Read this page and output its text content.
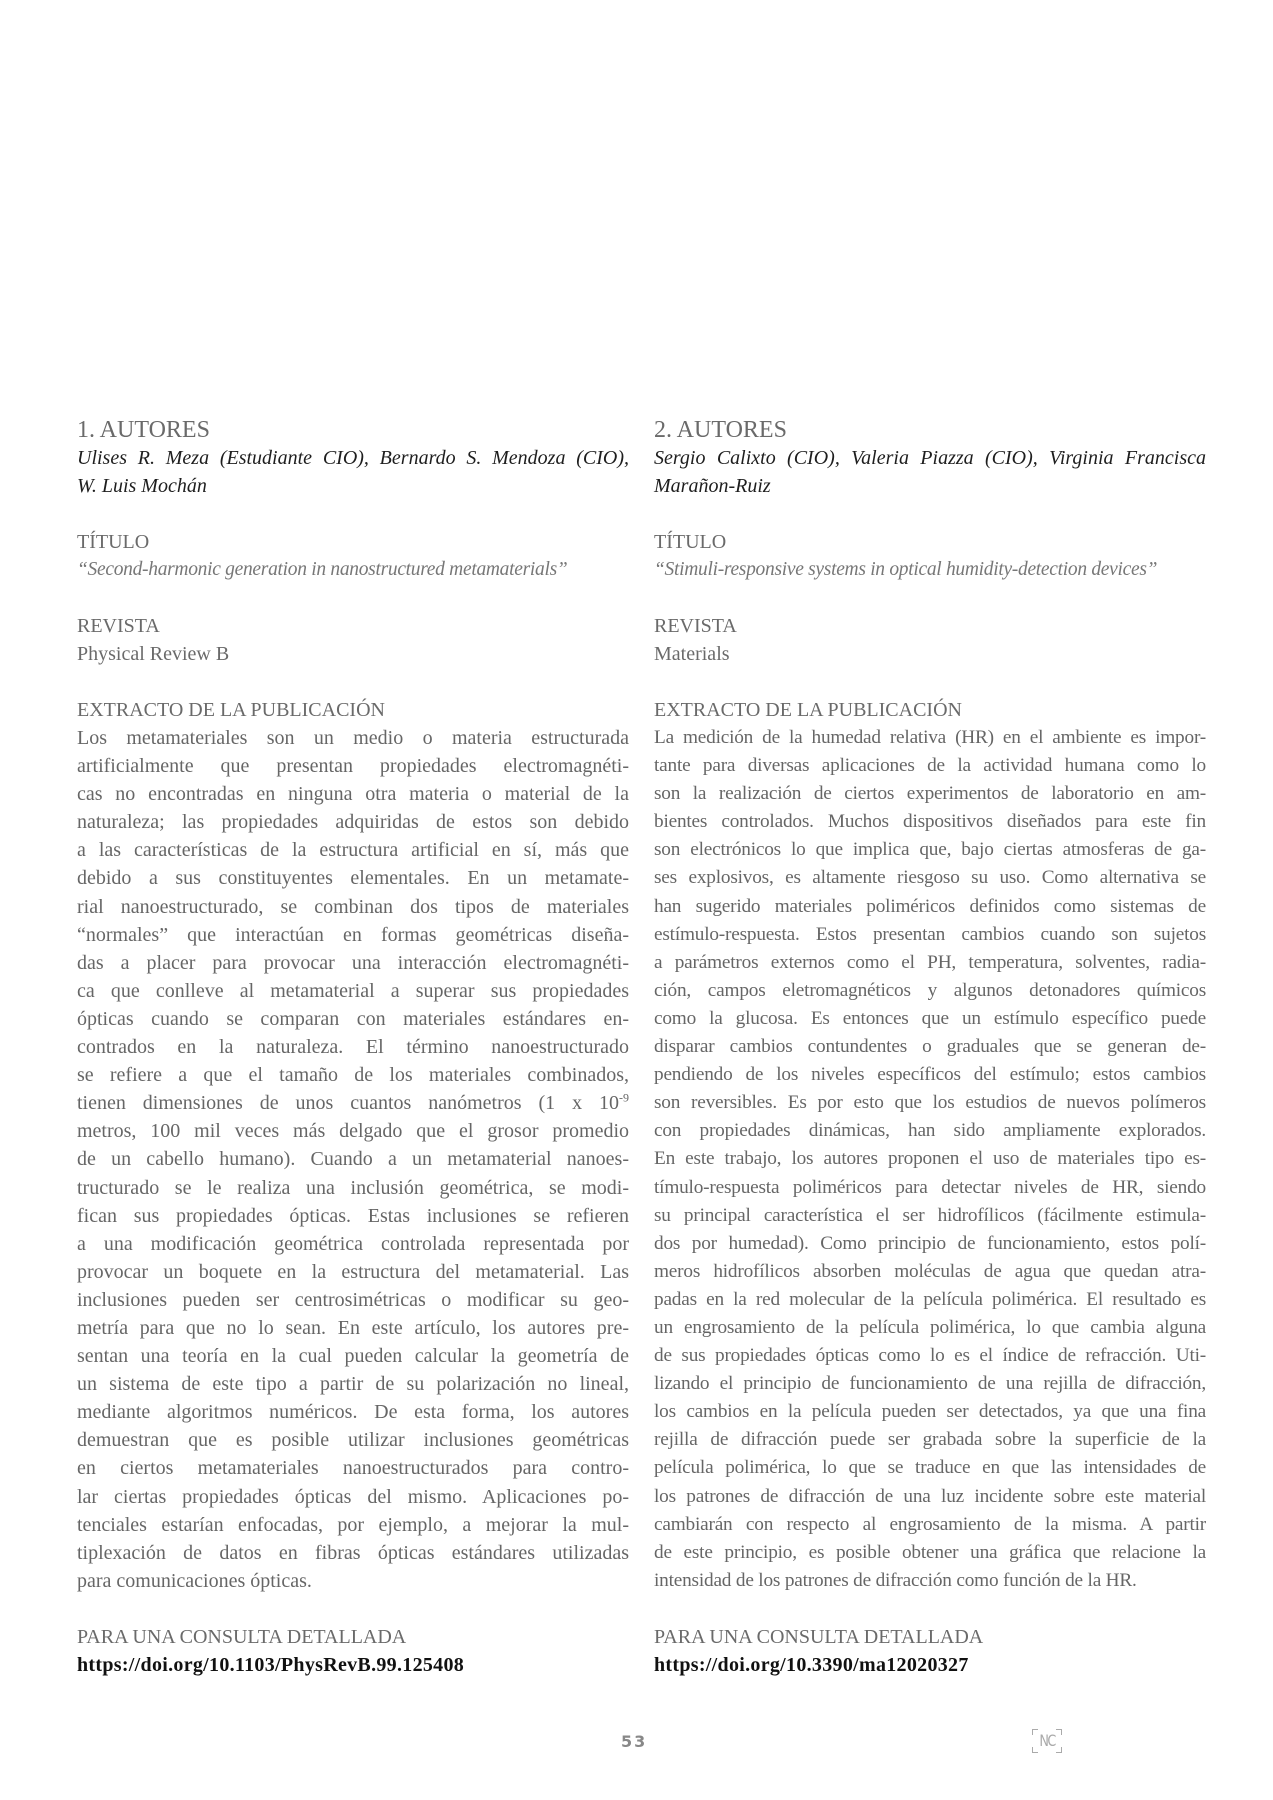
1. AUTORES
Ulises R. Meza (Estudiante CIO), Bernardo S. Mendoza (CIO),
W. Luis Mochán
TÍTULO
“Second-harmonic generation in nanostructured metamaterials”
REVISTA
Physical Review B
EXTRACTO DE LA PUBLICACIÓN
Los metamateriales son un medio o materia estructurada
artificialmente que presentan propiedades electromagnéti-
cas no encontradas en ninguna otra materia o material de la
naturaleza; las propiedades adquiridas de estos son debido
a las características de la estructura artificial en sí, más que
debido a sus constituyentes elementales. En un metamate-
rial nanoestructurado, se combinan dos tipos de materiales
“normales” que interactúan en formas geométricas diseña-
das a placer para provocar una interacción electromagnéti-
ca que conlleve al metamaterial a superar sus propiedades
ópticas cuando se comparan con materiales estándares en-
contrados en la naturaleza. El término nanoestructurado
se refiere a que el tamaño de los materiales combinados,
tienen dimensiones de unos cuantos nanómetros (1 x $10^{-9}$
metros, 100 mil veces más delgado que el grosor promedio
de un cabello humano). Cuando a un metamaterial nanoes-
tructurado se le realiza una inclusión geométrica, se modi-
fican sus propiedades ópticas. Estas inclusiones se refieren
a una modificación geométrica controlada representada por
provocar un boquete en la estructura del metamaterial. Las
inclusiones pueden ser centrosimétricas o modificar su geo-
metría para que no lo sean. En este artículo, los autores pre-
sentan una teoría en la cual pueden calcular la geometría de
un sistema de este tipo a partir de su polarización no lineal,
mediante algoritmos numéricos. De esta forma, los autores
demuestran que es posible utilizar inclusiones geométricas
en ciertos metamateriales nanoestructurados para contro-
lar ciertas propiedades ópticas del mismo. Aplicaciones po-
tenciales estarían enfocadas, por ejemplo, a mejorar la mul-
tiplexación de datos en fibras ópticas estándares utilizadas
para comunicaciones ópticas.
PARA UNA CONSULTA DETALLADA
https://doi.org/10.1103/PhysRevB.99.125408
2. AUTORES
Sergio Calixto (CIO), Valeria Piazza (CIO), Virginia Francisca
Marañon-Ruiz
TÍTULO
“Stimuli-responsive systems in optical humidity-detection devices”
REVISTA
Materials
EXTRACTO DE LA PUBLICACIÓN
La medición de la humedad relativa (HR) en el ambiente es impor-
tante para diversas aplicaciones de la actividad humana como lo
son la realización de ciertos experimentos de laboratorio en am-
bientes controlados. Muchos dispositivos diseñados para este fin
son electrónicos lo que implica que, bajo ciertas atmosferas de ga-
ses explosivos, es altamente riesgoso su uso. Como alternativa se
han sugerido materiales poliméricos definidos como sistemas de
estímulo-respuesta. Estos presentan cambios cuando son sujetos
a parámetros externos como el PH, temperatura, solventes, radia-
ción, campos eletromagnéticos y algunos detonadores químicos
como la glucosa. Es entonces que un estímulo específico puede
disparar cambios contundentes o graduales que se generan de-
pendiendo de los niveles específicos del estímulo; estos cambios
son reversibles. Es por esto que los estudios de nuevos polímeros
con propiedades dinámicas, han sido ampliamente explorados.
En este trabajo, los autores proponen el uso de materiales tipo es-
tímulo-respuesta poliméricos para detectar niveles de HR, siendo
su principal característica el ser hidrofílicos (fácilmente estimula-
dos por humedad). Como principio de funcionamiento, estos polí-
meros hidrofílicos absorben moléculas de agua que quedan atra-
padas en la red molecular de la película polimérica. El resultado es
un engrosamiento de la película polimérica, lo que cambia alguna
de sus propiedades ópticas como lo es el índice de refracción. Uti-
lizando el principio de funcionamiento de una rejilla de difracción,
los cambios en la película pueden ser detectados, ya que una fina
rejilla de difracción puede ser grabada sobre la superficie de la
película polimérica, lo que se traduce en que las intensidades de
los patrones de difracción de una luz incidente sobre este material
cambiarán con respecto al engrosamiento de la misma. A partir
de este principio, es posible obtener una gráfica que relacione la
intensidad de los patrones de difracción como función de la HR.
PARA UNA CONSULTA DETALLADA
https://doi.org/10.3390/ma12020327
53	NC
